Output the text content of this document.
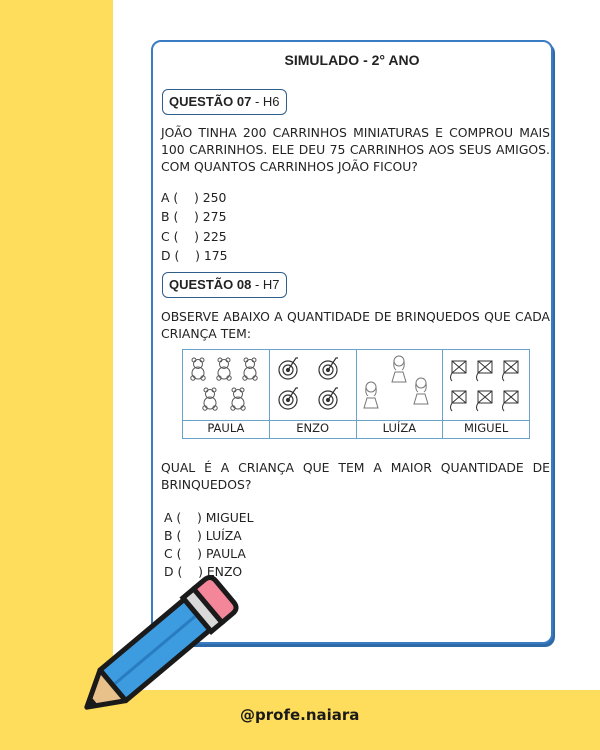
SIMULADO - 2° ANO
QUESTÃO 07 - H6
JOÃO TINHA 200 CARRINHOS MINIATURAS E COMPROU MAIS 100 CARRINHOS. ELE DEU 75 CARRINHOS AOS SEUS AMIGOS. COM QUANTOS CARRINHOS JOÃO FICOU?
A (    ) 250
B (    ) 275
C (    ) 225
D (    ) 175
QUESTÃO 08 - H7
OBSERVE ABAIXO A QUANTIDADE DE BRINQUEDOS QUE CADA CRIANÇA TEM:
PAULA	ENZO	LUÍZA	MIGUEL
QUAL É A CRIANÇA QUE TEM A MAIOR QUANTIDADE DE BRINQUEDOS?
A (    ) MIGUEL
B (    ) LUÍZA
C (    ) PAULA
D (    ) ENZO
@profe.naiara
